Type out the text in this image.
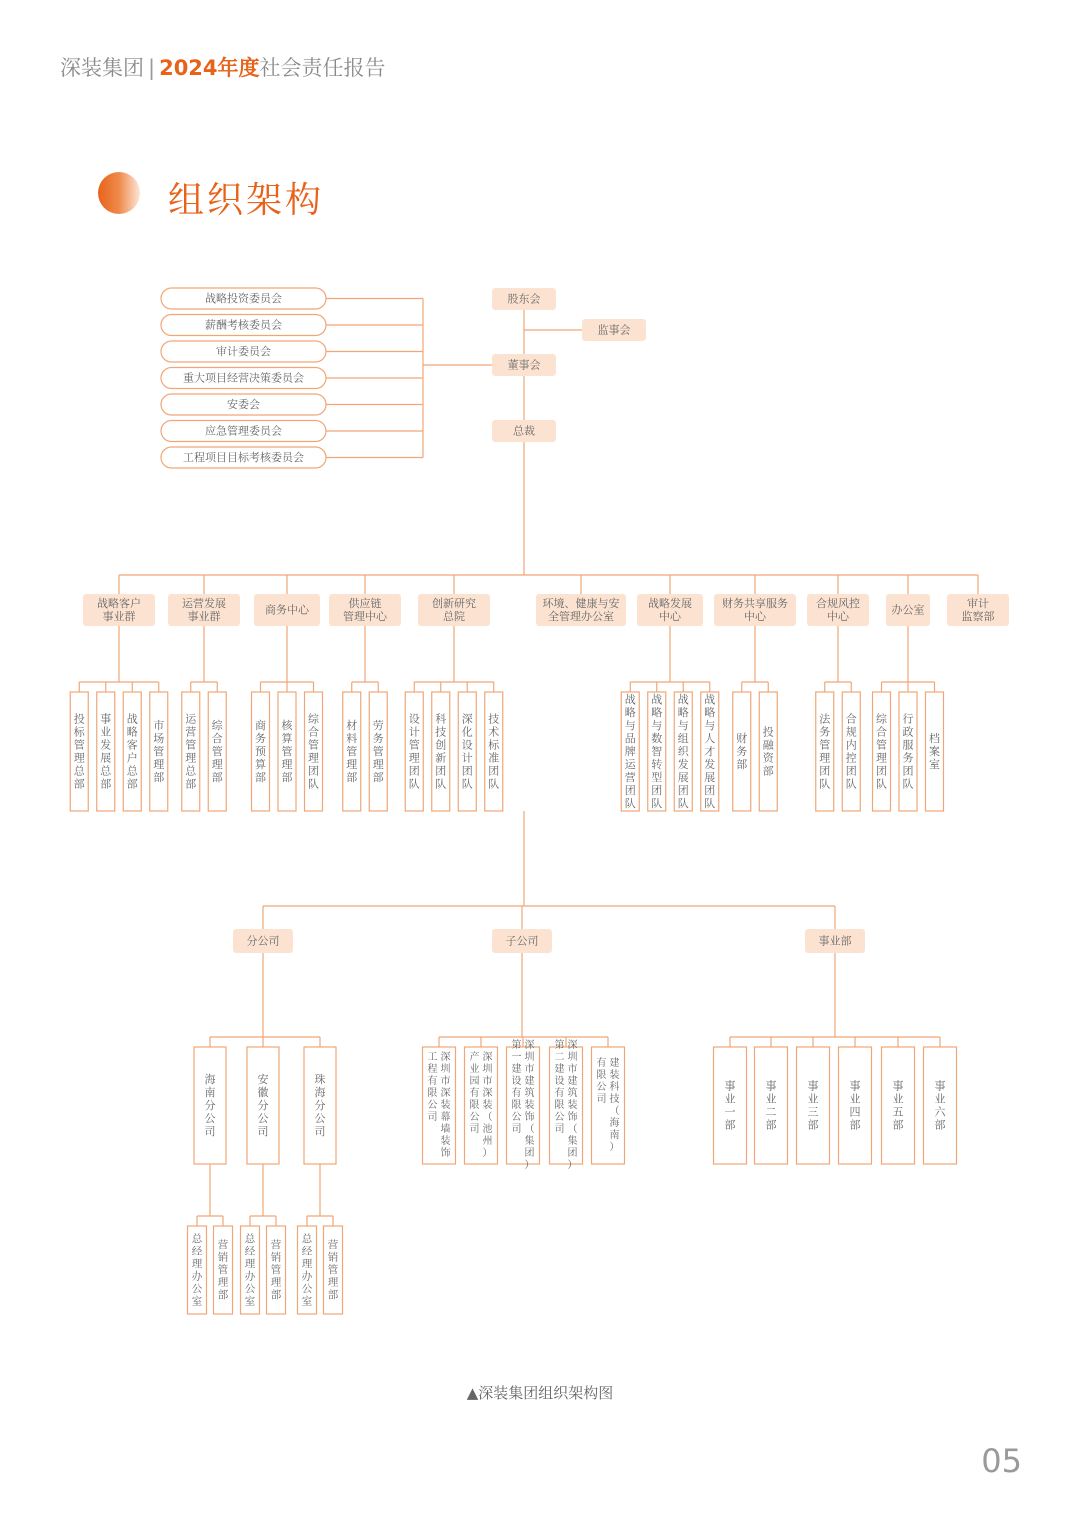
深装集团 | 2024年度社会责任报告
组织架构
股东会
监事会
董事会
总裁
战略投资委员会
薪酬考核委员会
审计委员会
重大项目经营决策委员会
安委会
应急管理委员会
工程项目目标考核委员会
战略客户
事业群
投
标
管
理
总
部
事
业
发
展
总
部
战
略
客
户
总
部
市
场
管
理
部
运营发展
事业群
运
营
管
理
总
部
综
合
管
理
部
商务中心
商
务
预
算
部
核
算
管
理
部
综
合
管
理
团
队
供应链
管理中心
材
料
管
理
部
劳
务
管
理
部
创新研究
总院
设
计
管
理
团
队
科
技
创
新
团
队
深
化
设
计
团
队
技
术
标
准
团
队
环境、健康与安
全管理办公室
战略发展
中心
战
略
与
品
牌
运
营
团
队
战
略
与
数
智
转
型
团
队
战
略
与
组
织
发
展
团
队
战
略
与
人
才
发
展
团
队
财务共享服务
中心
财
务
部
投
融
资
部
合规风控
中心
法
务
管
理
团
队
合
规
内
控
团
队
办公室
综
合
管
理
团
队
行
政
服
务
团
队
档
案
室
审计
监察部
分公司	子公司	事业部
海
南
分
公
司
总
经
理
办
公
室
营
销
管
理
部
安
徽
分
公
司
总
经
理
办
公
室
营
销
管
理
部
珠
海
分
公
司
总
经
理
办
公
室
营
销
管
理
部
深
圳
市
深
装
幕
墙
装
饰
工
程
有
限
公
司
深
圳
市
深
装
（
池
州
）
产
业
园
有
限
公
司
深
圳
市
建
筑
装
饰
（
集
团
）
第
一
建
设
有
限
公
司
深
圳
市
建
筑
装
饰
（
集
团
）
第
二
建
设
有
限
公
司
建
装
科
技
（
海
南
）
有
限
公
司
事
业
一
部
事
业
二
部
事
业
三
部
事
业
四
部
事
业
五
部
事
业
六
部
▲深装集团组织架构图
05
